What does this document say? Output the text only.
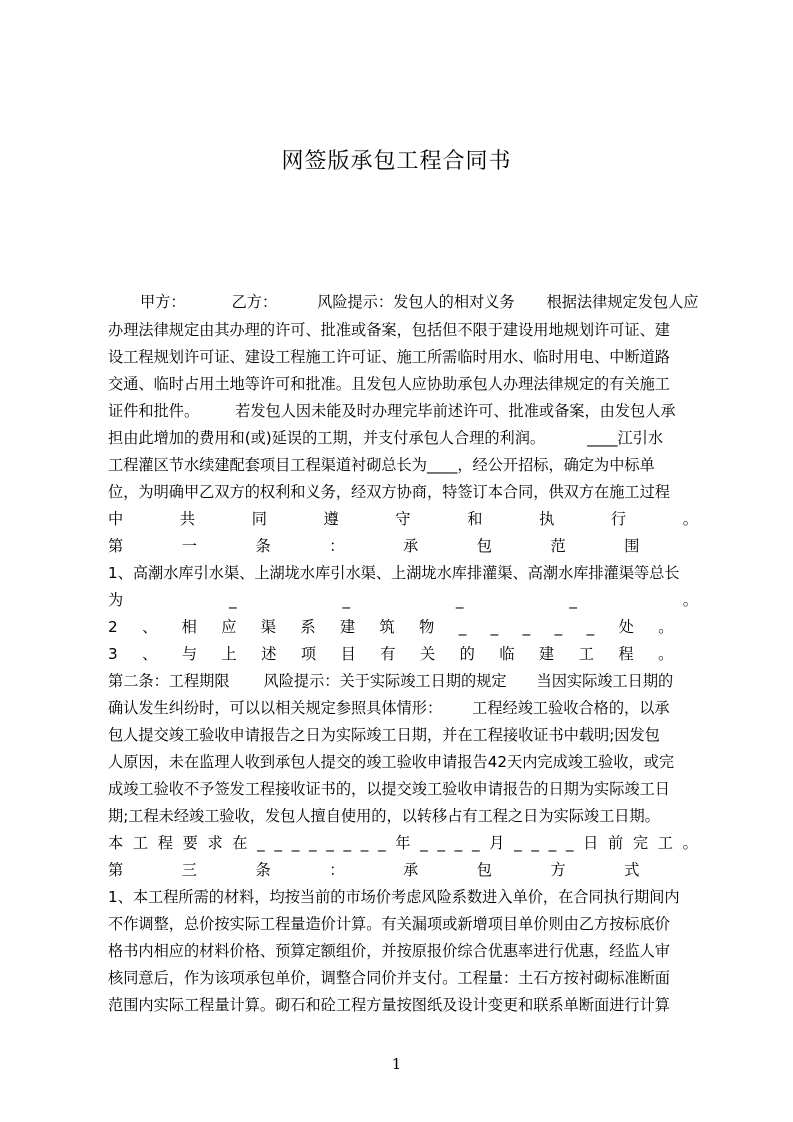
网签版承包工程合同书
甲方：	乙方：	风险提示：发包人的相对义务 根据法律规定发包人应
办理法律规定由其办理的许可、批准或备案，包括但不限于建设用地规划许可证、建
设工程规划许可证、建设工程施工许可证、施工所需临时用水、临时用电、中断道路
交通、临时占用土地等许可和批准。且发包人应协助承包人办理法律规定的有关施工
证件和批件。 若发包人因未能及时办理完毕前述许可、批准或备案，由发包人承
担由此增加的费用和(或)延误的工期，并支付承包人合理的利润。	____江引水
工程灌区节水续建配套项目工程渠道衬砌总长为____，经公开招标，确定为中标单
位，为明确甲乙双方的权利和义务，经双方协商，特签订本合同，供双方在施工过程
中	共	同	遵	守	和	执	行	。
第	一	条	：	承	包	范	围
1、高潮水库引水渠、上湖垅水库引水渠、上湖垅水库排灌渠、高潮水库排灌渠等总长
为	_	_	_	_	。
2 、 相 应 渠 系 建 筑 物 _ _ _ _ _ 处 。
3 、 与 上 述 项 目 有 关 的 临 建 工 程 。
第二条：工程期限 风险提示：关于实际竣工日期的规定 当因实际竣工日期的
确认发生纠纷时，可以以相关规定参照具体情形： 工程经竣工验收合格的，以承
包人提交竣工验收申请报告之日为实际竣工日期，并在工程接收证书中载明;因发包
人原因，未在监理人收到承包人提交的竣工验收申请报告42天内完成竣工验收，或完
成竣工验收不予签发工程接收证书的，以提交竣工验收申请报告的日期为实际竣工日
期;工程未经竣工验收，发包人擅自使用的，以转移占有工程之日为实际竣工日期。
本 工 程 要 求 在 _ _ _ _ _ _ _ _ 年 _ _ _ _ 月 _ _ _ _ 日 前 完 工 。
第	三	条	：	承	包	方	式
1、本工程所需的材料，均按当前的市场价考虑风险系数进入单价，在合同执行期间内
不作调整，总价按实际工程量造价计算。有关漏项或新增项目单价则由乙方按标底价
格书内相应的材料价格、预算定额组价，并按原报价综合优惠率进行优惠，经监人审
核同意后，作为该项承包单价，调整合同价并支付。工程量：土石方按衬砌标准断面
范围内实际工程量计算。砌石和砼工程方量按图纸及设计变更和联系单断面进行计算
1
